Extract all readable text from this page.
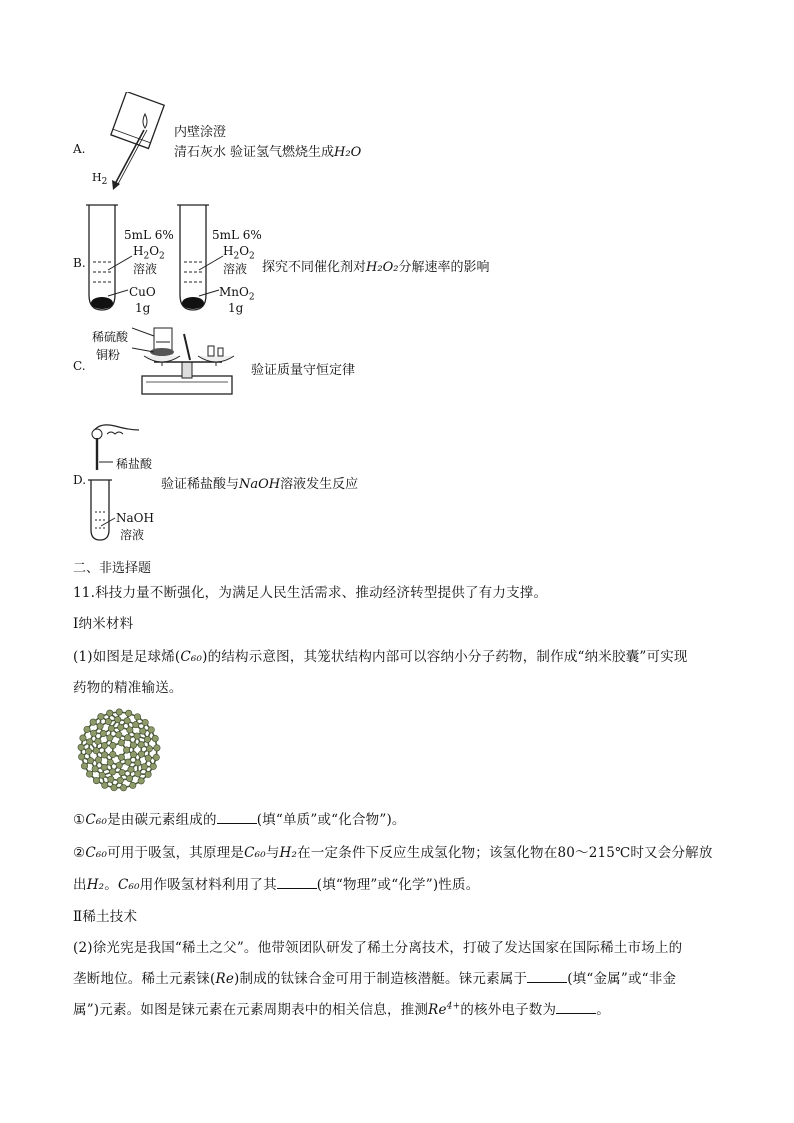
A.
$H_2$
内壁涂澄
清石灰水 验证氢气燃烧生成H₂O
B.
5mL 6%
$H_2O_2$
溶液
CuO
1g
5mL 6%
$H_2O_2$
溶液
MnO$_2$
1g
探究不同催化剂对H₂O₂分解速率的影响
C.
稀硫酸
铜粉
验证质量守恒定律
D.
稀盐酸
NaOH
溶液
验证稀盐酸与NaOH溶液发生反应
二、非选择题
11.科技力量不断强化，为满足人民生活需求、推动经济转型提供了有力支撑。
Ⅰ纳米材料
(1)如图是足球烯(C₆₀)的结构示意图，其笼状结构内部可以容纳小分子药物，制作成“纳米胶囊”可实现
药物的精准输送。
①C₆₀是由碳元素组成的	(填“单质”或“化合物”)。
②C₆₀可用于吸氢，其原理是C₆₀与H₂在一定条件下反应生成氢化物；该氢化物在80～215℃时又会分解放
出H₂。C₆₀用作吸氢材料利用了其	(填“物理”或“化学”)性质。
Ⅱ稀土技术
(2)徐光宪是我国“稀土之父”。他带领团队研发了稀土分离技术，打破了发达国家在国际稀土市场上的
垄断地位。稀土元素铼(Re)制成的钛铼合金可用于制造核潜艇。铼元素属于	(填“金属”或“非金
属”)元素。如图是铼元素在元素周期表中的相关信息，推测$Re^{4+}$的核外电子数为	。
